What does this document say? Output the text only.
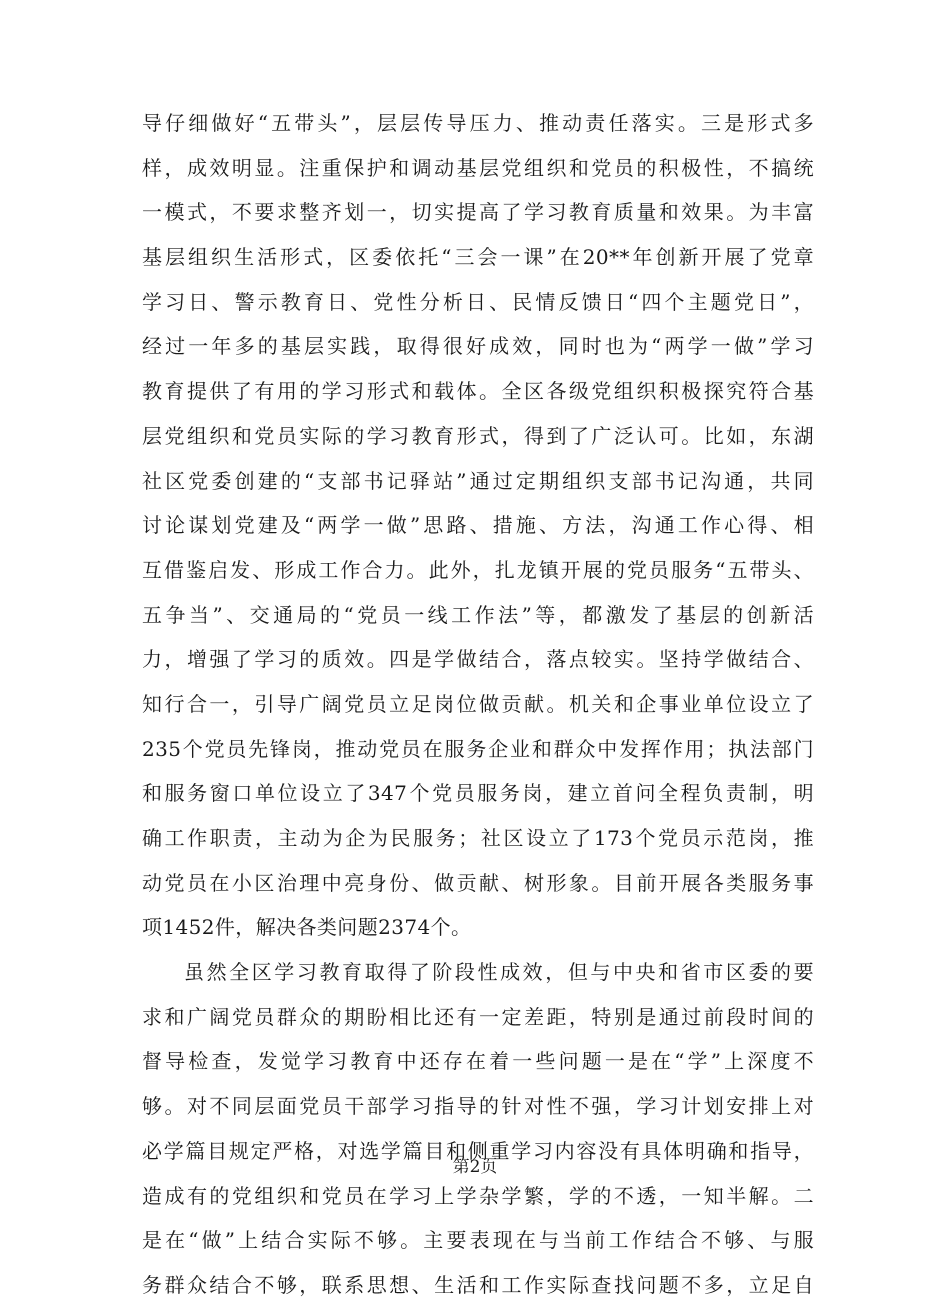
导仔细做好“五带头”，层层传导压力、推动责任落实。三是形式多
样，成效明显。注重保护和调动基层党组织和党员的积极性，不搞统
一模式，不要求整齐划一，切实提高了学习教育质量和效果。为丰富
基层组织生活形式，区委依托“三会一课”在20**年创新开展了党章
学习日、警示教育日、党性分析日、民情反馈日“四个主题党日”，
经过一年多的基层实践，取得很好成效，同时也为“两学一做”学习
教育提供了有用的学习形式和载体。全区各级党组织积极探究符合基
层党组织和党员实际的学习教育形式，得到了广泛认可。比如，东湖
社区党委创建的“支部书记驿站”通过定期组织支部书记沟通，共同
讨论谋划党建及“两学一做”思路、措施、方法，沟通工作心得、相
互借鉴启发、形成工作合力。此外，扎龙镇开展的党员服务“五带头、
五争当”、交通局的“党员一线工作法”等，都激发了基层的创新活
力，增强了学习的质效。四是学做结合，落点较实。坚持学做结合、
知行合一，引导广阔党员立足岗位做贡献。机关和企事业单位设立了
235个党员先锋岗，推动党员在服务企业和群众中发挥作用；执法部门
和服务窗口单位设立了347个党员服务岗，建立首问全程负责制，明
确工作职责，主动为企为民服务；社区设立了173个党员示范岗，推
动党员在小区治理中亮身份、做贡献、树形象。目前开展各类服务事
项1452件，解决各类问题2374个。
虽然全区学习教育取得了阶段性成效，但与中央和省市区委的要
求和广阔党员群众的期盼相比还有一定差距，特别是通过前段时间的
督导检查，发觉学习教育中还存在着一些问题一是在“学”上深度不
够。对不同层面党员干部学习指导的针对性不强，学习计划安排上对
必学篇目规定严格，对选学篇目和侧重学习内容没有具体明确和指导，
造成有的党组织和党员在学习上学杂学繁，学的不透，一知半解。二
是在“做”上结合实际不够。主要表现在与当前工作结合不够、与服
务群众结合不够，联系思想、生活和工作实际查找问题不多，立足自
第2页
